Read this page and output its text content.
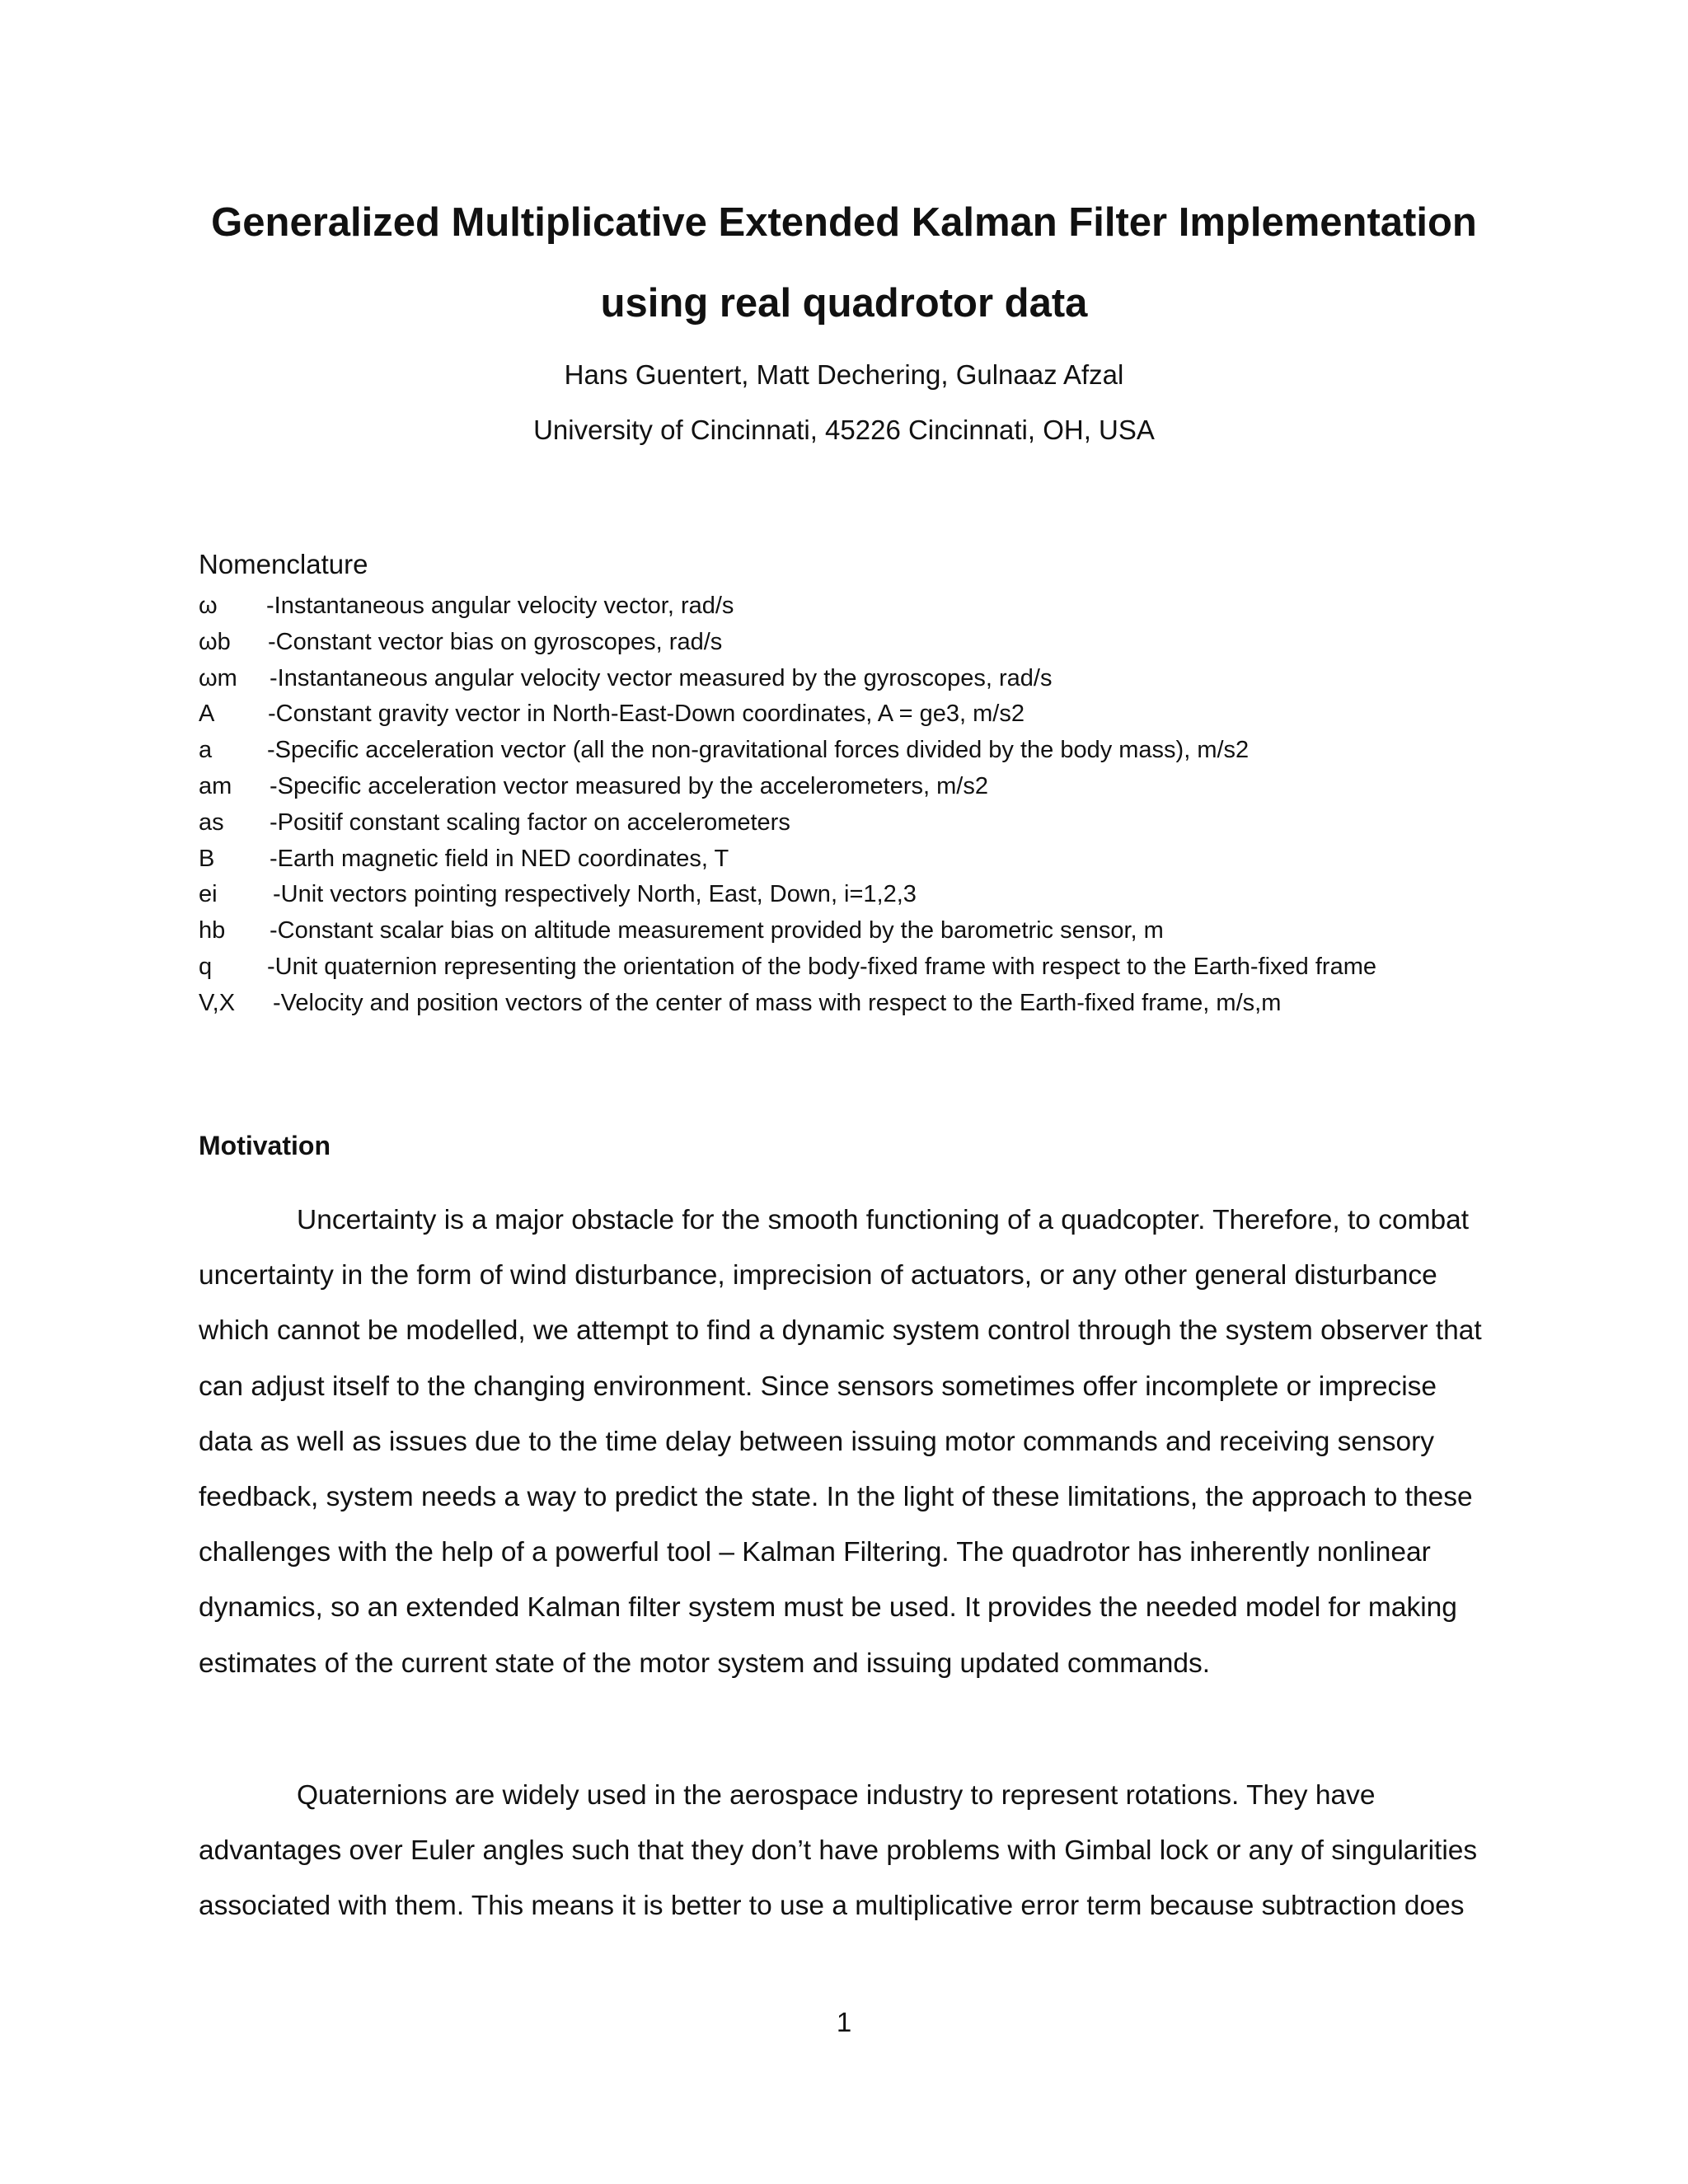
Generalized Multiplicative Extended Kalman Filter Implementation
using real quadrotor data
Hans Guentert, Matt Dechering, Gulnaaz Afzal
University of Cincinnati, 45226 Cincinnati, OH, USA
Nomenclature
ω -Instantaneous angular velocity vector, rad/s
ωb -Constant vector bias on gyroscopes, rad/s
ωm -Instantaneous angular velocity vector measured by the gyroscopes, rad/s
A -Constant gravity vector in North-East-Down coordinates, A = ge3, m/s2
a -Specific acceleration vector (all the non-gravitational forces divided by the body mass), m/s2
am -Specific acceleration vector measured by the accelerometers, m/s2
as -Positif constant scaling factor on accelerometers
B -Earth magnetic field in NED coordinates, T
ei -Unit vectors pointing respectively North, East, Down, i=1,2,3
hb -Constant scalar bias on altitude measurement provided by the barometric sensor, m
q -Unit quaternion representing the orientation of the body-fixed frame with respect to the Earth-fixed frame
V,X -Velocity and position vectors of the center of mass with respect to the Earth-fixed frame, m/s,m
Motivation

Uncertainty is a major obstacle for the smooth functioning of a quadcopter. Therefore, to combat uncertainty in the form of wind disturbance, imprecision of actuators, or any other general disturbance which cannot be modelled, we attempt to find a dynamic system control through the system observer that can adjust itself to the changing environment. Since sensors sometimes offer incomplete or imprecise data as well as issues due to the time delay between issuing motor commands and receiving sensory feedback, system needs a way to predict the state. In the light of these limitations, the approach to these challenges with the help of a powerful tool – Kalman Filtering. The quadrotor has inherently nonlinear dynamics, so an extended Kalman filter system must be used. It provides the needed model for making estimates of the current state of the motor system and issuing updated commands.

Quaternions are widely used in the aerospace industry to represent rotations. They have advantages over Euler angles such that they don’t have problems with Gimbal lock or any of singularities associated with them. This means it is better to use a multiplicative error term because subtraction does

1
